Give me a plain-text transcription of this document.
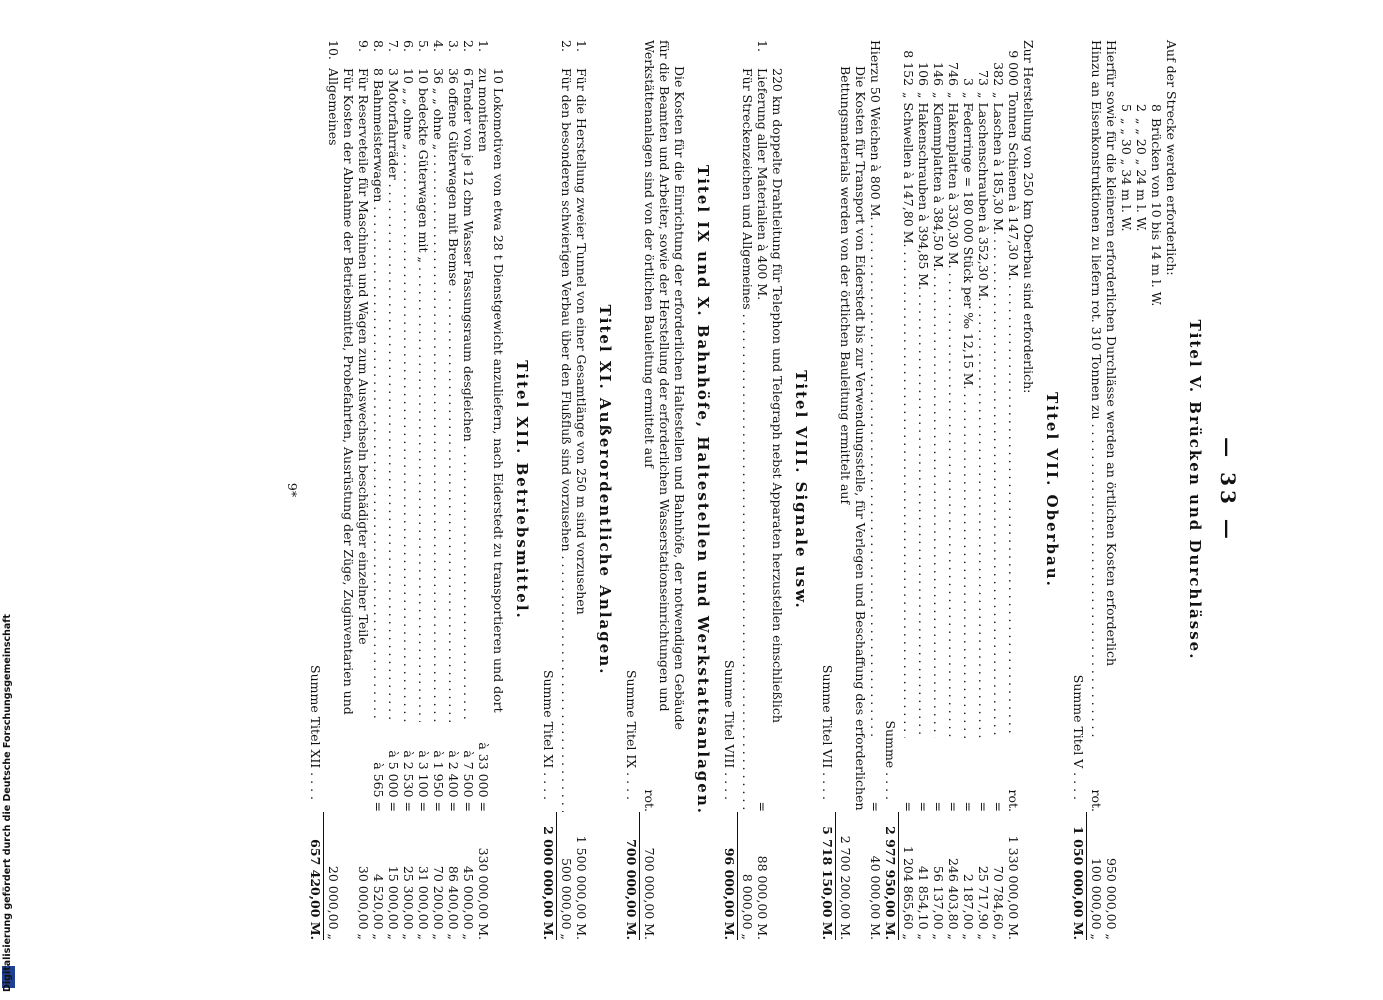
— 33 —
Titel V. Brücken und Durchlässe.

Auf der Strecke werden erforderlich:

8
Brücken von 10 bis 14 m l. W.
2
„ „ 20 „ 24 m l. W.
5
„ „ 30 „ 34 m l. W.
Hierfür sowie für die kleineren erforderlichen Durchlässe werden an örtlichen Kosten erforderlich
950 000,00 „
Hinzu an Eisenkonstruktionen zu liefern rot. 310 Tonnen zu . . .
rot.
100 000,00 „
Summe Titel V . . . .
1 050 000,00 M.
Titel VII. Oberbau.

Zur Herstellung von 250 km Oberbau sind erforderlich:

9 000
Tonnen Schienen à 147,30 M. . . .
rot.
1 330 000,00 M.
382
„ Laschen à 185,30 M. . . .
=
70 784,60 „
73
„ Laschenschrauben à 352,30 M. . . .
=
25 717,90 „
3
„ Federringe = 180 000 Stück per ‰ 12,15 M. . . .
=
2 187,00 „
746
„ Hakenplatten à 330,30 M. . . .
=
246 403,80 „
146
„ Klemmplatten à 384,50 M. . . .
=
56 137,00 „
106
„ Hakenschrauben à 394,85 M. . . .
=
41 854,10 „
8 152
„ Schwellen à 147,80 M. . . .
=
1 204 865,60 „
Summe . . . .
2 977 950,00 M.
Hierzu 50 Weichen à 800 M. . . .
=
40 000,00 M.
Die Kosten für Transport von Eiderstedt bis zur Verwendungsstelle, für Verlegen und Beschaffung des erforderlichen Bettungsmaterials werden von der örtlichen Bauleitung ermittelt auf
2 700 200,00 M.
Summe Titel VII . . . .
5 718 150,00 M.
Titel VIII. Signale usw.
1.
220 km doppelte Drahtleitung für Telephon und Telegraph nebst Apparaten herzustellen einschließlich Lieferung aller Materialien à 400 M.
=
88 000,00 M.
Für Streckenzeichen und Allgemeines . . .
8 000,00 „
Summe Titel VIII . . . .
96 000,00 M.
Titel IX und X. Bahnhöfe, Haltestellen und Werkstattsanlagen.
Die Kosten für die Einrichtung der erforderlichen Haltestellen und Bahnhöfe, der notwendigen Gebäude für die Beamten und Arbeiter, sowie der Herstellung der erforderlichen Wasserstationseinrichtungen und Werkstättenanlagen sind von der örtlichen Bauleitung ermittelt auf
rot.
700 000,00 M.
Summe Titel IX . . . .
700 000,00 M.
Titel XI. Außerordentliche Anlagen.
1.
Für die Herstellung zweier Tunnel von einer Gesamtlänge von 250 m sind vorzusehen
1 500 000,00 M.
2.
Für den besonderen schwierigen Verbau über den Flußfluß sind vorzusehen . . .
500 000,00 „
Summe Titel XI . . . .
2 000 000,00 M.
Titel XII. Betriebsmittel.
1.
10 Lokomotiven von etwa 28 t Dienstgewicht anzuliefern, nach Eiderstedt zu transportieren und dort zu montieren
à 33 000 =
330 000,00 M.
2.
6 Tender von je 12 cbm Wasser Fassungsraum desgleichen . . .
à 7 500 =
45 000,00 „
3.
36 offene Güterwagen mit Bremse . . .
à 2 400 =
86 400,00 „
4.
36 „ „ ohne „ . . .
à 1 950 =
70 200,00 „
5.
10 bedeckte Güterwagen mit „ . . .
à 3 100 =
31 000,00 „
6.
10 „ „ ohne „ . . .
à 2 530 =
25 300,00 „
7.
3 Motorfahrräder . . .
à 5 000 =
15 000,00 „
8.
8 Bahnmeisterwagen . . .
à 565 =
4 520,00 „
9.
Für Reserveteile für Maschinen und Wagen zum Auswechseln beschädigter einzelner Teile
30 000,00 „
10.
Für Kosten der Abnahme der Betriebsmittel, Probefahrten, Ausrüstung der Züge, Zuginventarien und Allgemeines
20 000,00 „
Summe Titel XII . . . .
657 420,00 M.
9*
Digitalisierung gefördert durch die Deutsche Forschungsgemeinschaft
